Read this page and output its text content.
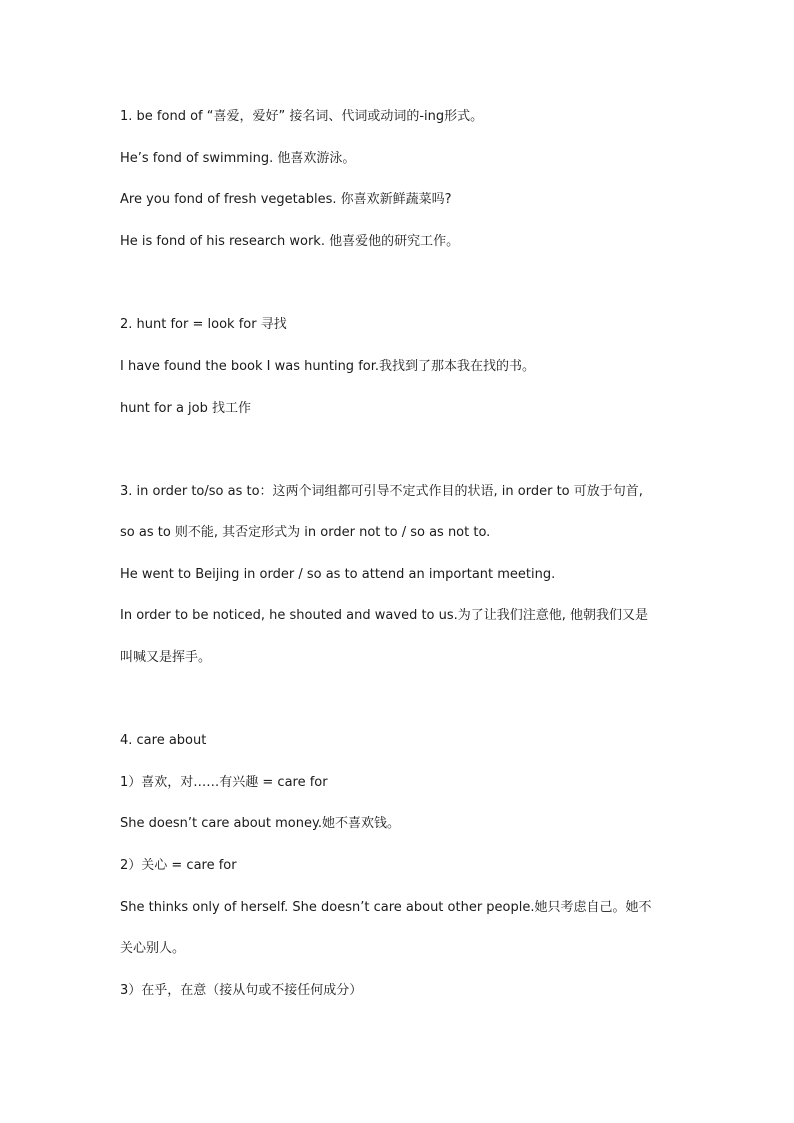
1. be fond of “喜爱，爱好” 接名词、代词或动词的-ing形式。
He’s fond of swimming. 他喜欢游泳。
Are you fond of fresh vegetables. 你喜欢新鲜蔬菜吗?
He is fond of his research work. 他喜爱他的研究工作。
2. hunt for = look for 寻找
I have found the book I was hunting for.我找到了那本我在找的书。
hunt for a job 找工作
3. in order to/so as to：这两个词组都可引导不定式作目的状语, in order to 可放于句首,
so as to 则不能, 其否定形式为 in order not to / so as not to.
He went to Beijing in order / so as to attend an important meeting.
In order to be noticed, he shouted and waved to us.为了让我们注意他, 他朝我们又是
叫喊又是挥手。
4. care about
1）喜欢，对……有兴趣 = care for
She doesn’t care about money.她不喜欢钱。
2）关心 = care for
She thinks only of herself. She doesn’t care about other people.她只考虑自己。她不
关心别人。
3）在乎，在意（接从句或不接任何成分）
